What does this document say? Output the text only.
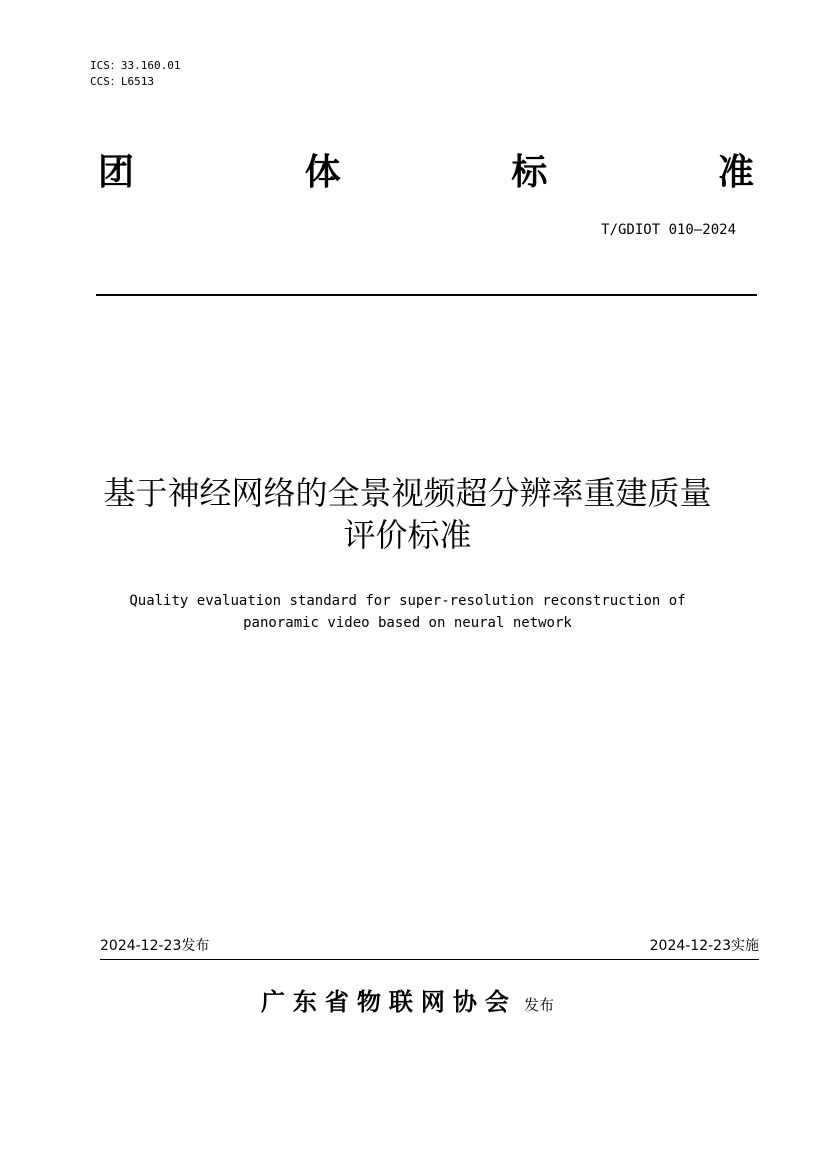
ICS：33.160.01
CCS：L6513
团	体	标	准
T/GDIOT 010—2024
基于神经网络的全景视频超分辨率重建质量
评价标准
Quality evaluation standard for super-resolution reconstruction of
panoramic video based on neural network
2024-12-23发布	2024-12-23实施
广东省物联网协会 发布
